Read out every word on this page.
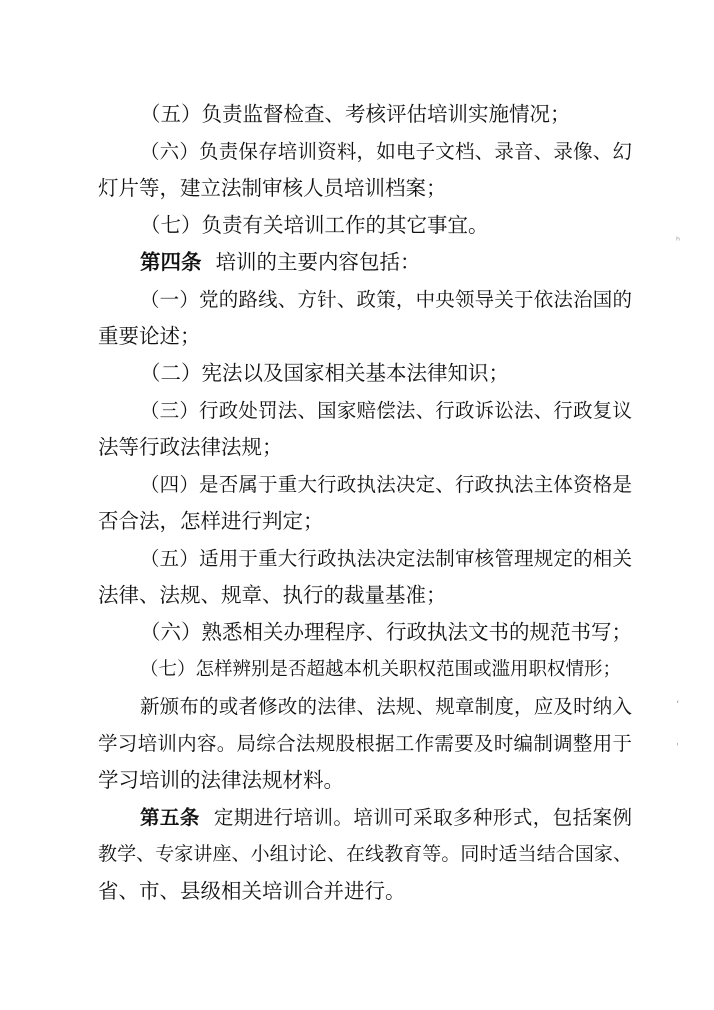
（五）负责监督检查、考核评估培训实施情况；
（六）负责保存培训资料，如电子文档、录音、录像、幻
灯片等，建立法制审核人员培训档案；
（七）负责有关培训工作的其它事宜。
第四条 培训的主要内容包括：
（一）党的路线、方针、政策，中央领导关于依法治国的
重要论述；
（二）宪法以及国家相关基本法律知识；
（三）行政处罚法、国家赔偿法、行政诉讼法、行政复议
法等行政法律法规；
（四）是否属于重大行政执法决定、行政执法主体资格是
否合法，怎样进行判定；
（五）适用于重大行政执法决定法制审核管理规定的相关
法律、法规、规章、执行的裁量基准；
（六）熟悉相关办理程序、行政执法文书的规范书写；
（七）怎样辨别是否超越本机关职权范围或滥用职权情形；
新颁布的或者修改的法律、法规、规章制度，应及时纳入
学习培训内容。局综合法规股根据工作需要及时编制调整用于
学习培训的法律法规材料。
第五条 定期进行培训。培训可采取多种形式，包括案例
教学、专家讲座、小组讨论、在线教育等。同时适当结合国家、
省、市、县级相关培训合并进行。
ʰ
ʼ
ˌ
